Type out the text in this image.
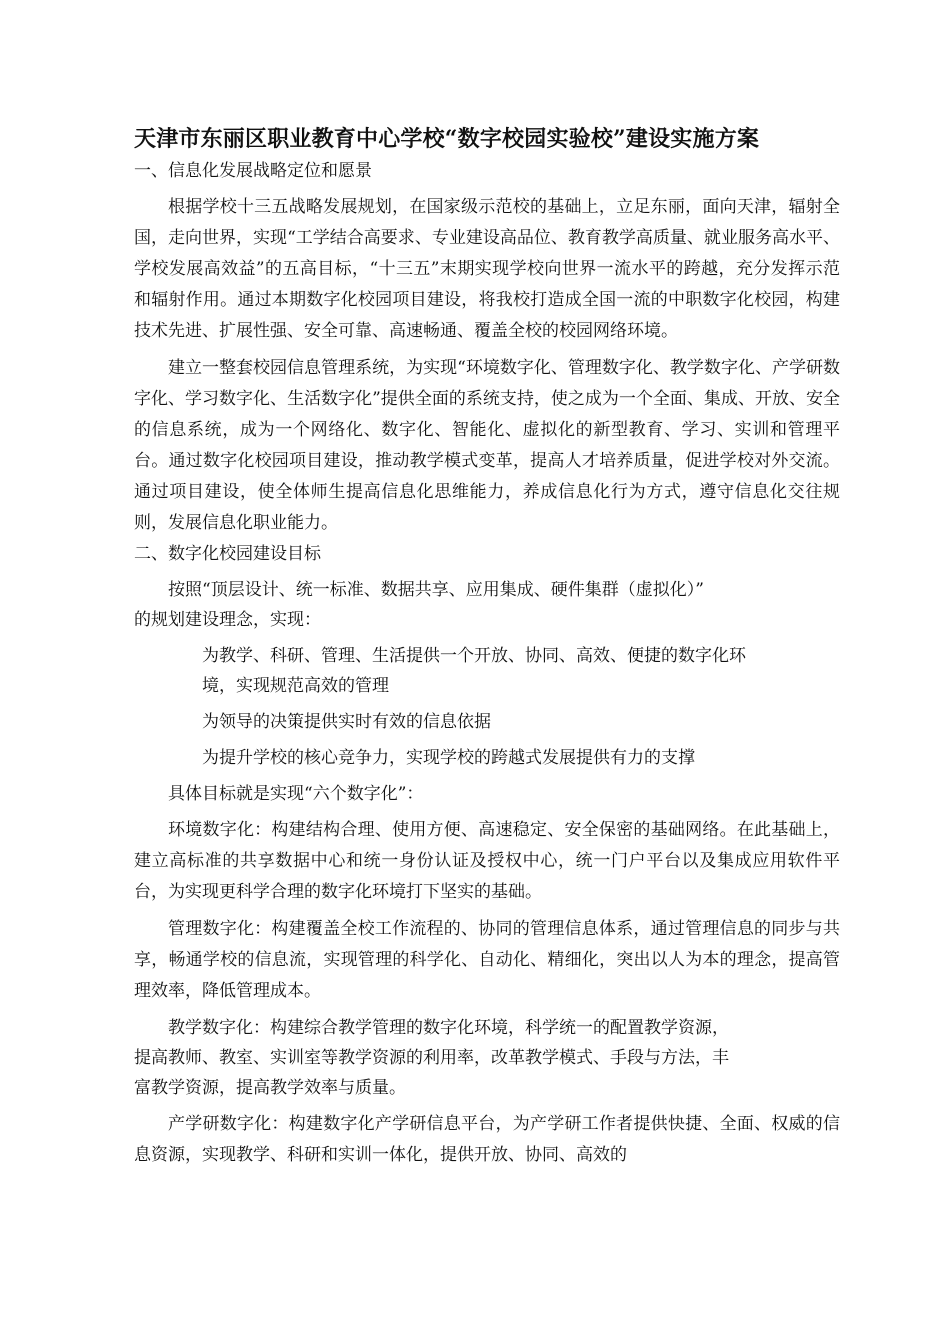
天津市东丽区职业教育中心学校“数字校园实验校”建设实施方案

一、信息化发展战略定位和愿景

根据学校十三五战略发展规划，在国家级示范校的基础上，立足东丽，面向天津，辐射全国，走向世界，实现“工学结合高要求、专业建设高品位、教育教学高质量、就业服务高水平、学校发展高效益”的五高目标，“十三五”末期实现学校向世界一流水平的跨越，充分发挥示范和辐射作用。通过本期数字化校园项目建设，将我校打造成全国一流的中职数字化校园，构建技术先进、扩展性强、安全可靠、高速畅通、覆盖全校的校园网络环境。

建立一整套校园信息管理系统，为实现“环境数字化、管理数字化、教学数字化、产学研数字化、学习数字化、生活数字化”提供全面的系统支持，使之成为一个全面、集成、开放、安全的信息系统，成为一个网络化、数字化、智能化、虚拟化的新型教育、学习、实训和管理平台。通过数字化校园项目建设，推动教学模式变革，提高人才培养质量，促进学校对外交流。通过项目建设，使全体师生提高信息化思维能力，养成信息化行为方式，遵守信息化交往规则，发展信息化职业能力。

二、数字化校园建设目标

按照“顶层设计、统一标准、数据共享、应用集成、硬件集群（虚拟化）”

的规划建设理念，实现：

为教学、科研、管理、生活提供一个开放、协同、高效、便捷的数字化环

境，实现规范高效的管理

为领导的决策提供实时有效的信息依据

为提升学校的核心竞争力，实现学校的跨越式发展提供有力的支撑

具体目标就是实现“六个数字化”：

环境数字化：构建结构合理、使用方便、高速稳定、安全保密的基础网络。在此基础上，建立高标准的共享数据中心和统一身份认证及授权中心，统一门户平台以及集成应用软件平台，为实现更科学合理的数字化环境打下坚实的基础。

管理数字化：构建覆盖全校工作流程的、协同的管理信息体系，通过管理信息的同步与共享，畅通学校的信息流，实现管理的科学化、自动化、精细化，突出以人为本的理念，提高管理效率，降低管理成本。

教学数字化：构建综合教学管理的数字化环境，科学统一的配置教学资源，

提高教师、教室、实训室等教学资源的利用率，改革教学模式、手段与方法，丰

富教学资源，提高教学效率与质量。

产学研数字化：构建数字化产学研信息平台，为产学研工作者提供快捷、全面、权威的信息资源，实现教学、科研和实训一体化，提供开放、协同、高效的
